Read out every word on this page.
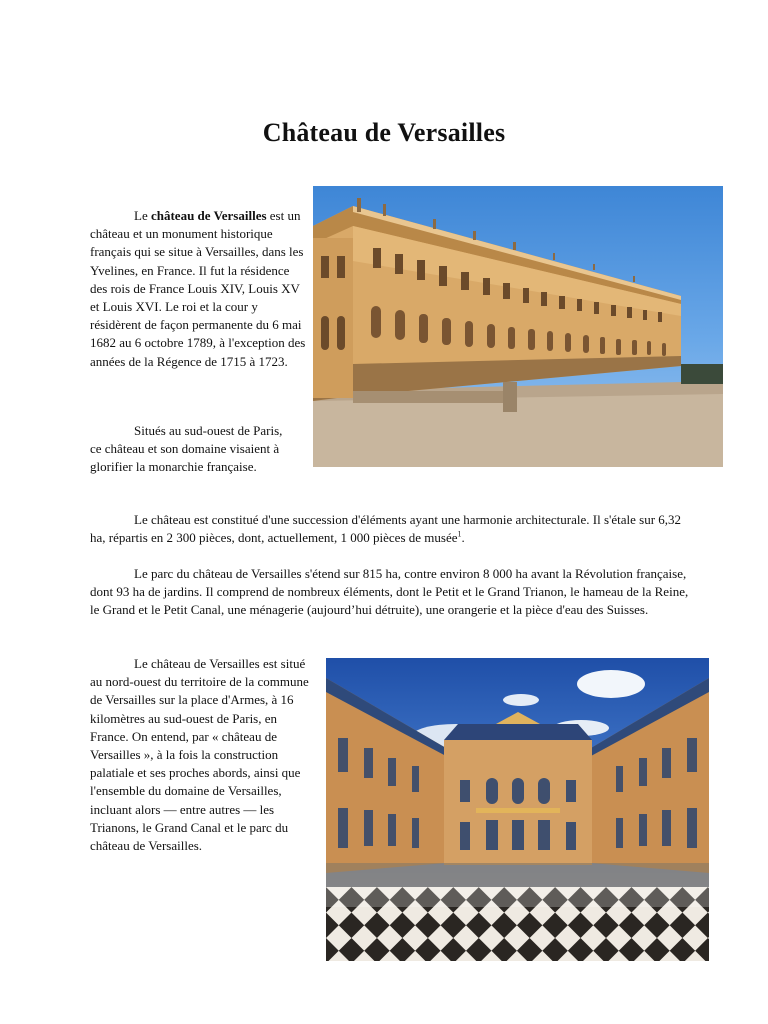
Château de Versailles

Le château de Versailles est un château et un monument historique français qui se situe à Versailles, dans les Yvelines, en France. Il fut la résidence des rois de France Louis XIV, Louis XV et Louis XVI. Le roi et la cour y résidèrent de façon permanente du 6 mai 1682 au 6 octobre 1789, à l'exception des années de la Régence de 1715 à 1723.

Situés au sud-ouest de Paris, ce château et son domaine visaient à glorifier la monarchie française.

Le château est constitué d'une succession d'éléments ayant une harmonie architecturale. Il s'étale sur 6,32 ha, répartis en 2 300 pièces, dont, actuellement, 1 000 pièces de musée$^1$.

Le parc du château de Versailles s'étend sur 815 ha, contre environ 8 000 ha avant la Révolution française, dont 93 ha de jardins. Il comprend de nombreux éléments, dont le Petit et le Grand Trianon, le hameau de la Reine, le Grand et le Petit Canal, une ménagerie (aujourd’hui détruite), une orangerie et la pièce d'eau des Suisses.

Le château de Versailles est situé au nord-ouest du territoire de la commune de Versailles sur la place d'Armes, à 16 kilomètres au sud-ouest de Paris, en France. On entend, par « château de Versailles », à la fois la construction palatiale et ses proches abords, ainsi que l'ensemble du domaine de Versailles, incluant alors — entre autres — les Trianons, le Grand Canal et le parc du château de Versailles.
